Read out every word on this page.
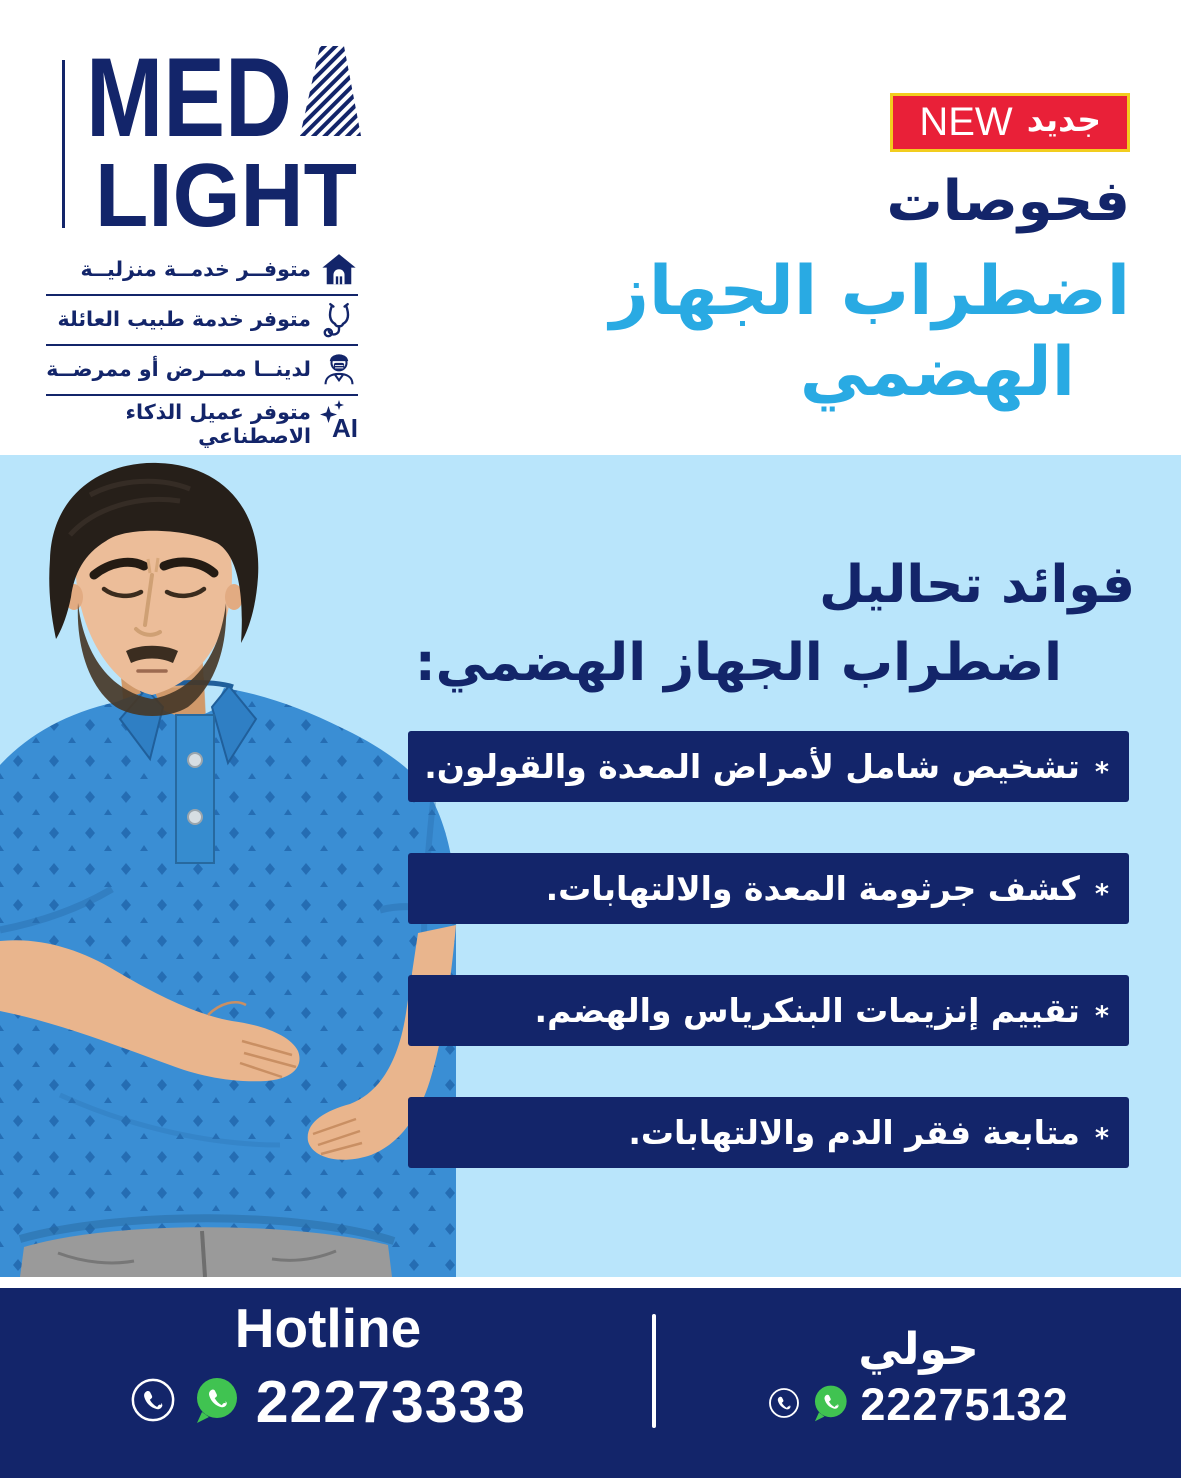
MED
LIGHT
متوفــر خدمــة منزليــة
متوفر خدمة طبيب العائلة
لدينــا ممــرض أو ممرضــة
AI
متوفر عميل الذكاء الاصطناعي
جديد
NEW
فحوصات
اضطراب الجهاز
الهضمي
فوائد تحاليل
اضطراب الجهاز الهضمي:
*
تشخيص شامل لأمراض المعدة والقولون.
*
كشف جرثومة المعدة والالتهابات.
*
تقييم إنزيمات البنكرياس والهضم.
*
متابعة فقر الدم والالتهابات.
Hotline
22273333
حولي
22275132
